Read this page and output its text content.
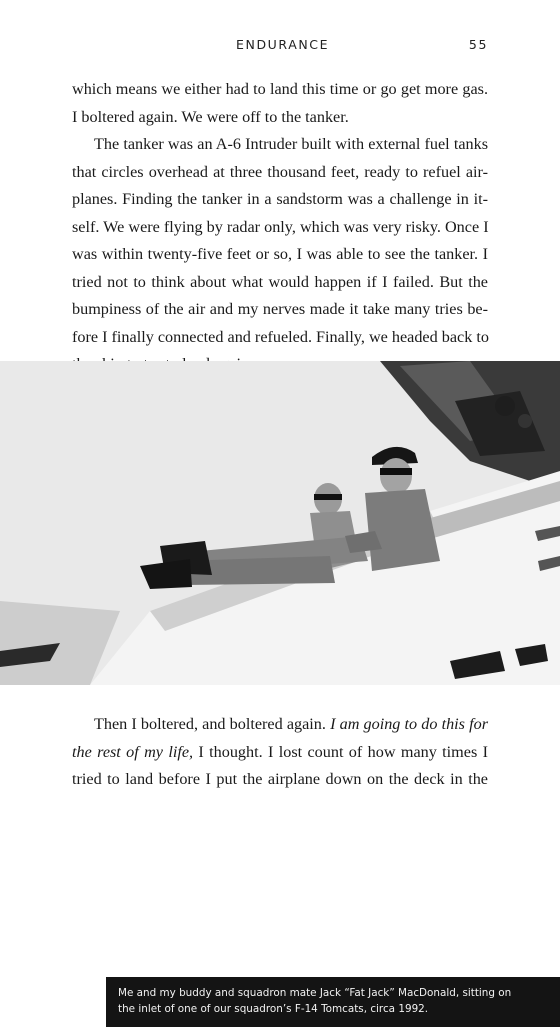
ENDURANCE	55

which means we either had to land this time or go get more gas.
I boltered again. We were off to the tanker.

The tanker was an A-6 Intruder built with external fuel tanks
that circles overhead at three thousand feet, ready to refuel air-
planes. Finding the tanker in a sandstorm was a challenge in it-
self. We were flying by radar only, which was very risky. Once I
was within twenty-five feet or so, I was able to see the tanker. I
tried not to think about what would happen if I failed. But the
bumpiness of the air and my nerves made it take many tries be-
fore I finally connected and refueled. Finally, we headed back to

Me and my buddy and squadron mate Jack “Fat Jack” MacDonald, sitting on
the inlet of one of our squadron’s F-14 Tomcats, circa 1992.

Then I boltered, and boltered again. I am going to do this for
the rest of my life, I thought. I lost count of how many times I
tried to land before I put the airplane down on the deck in the
